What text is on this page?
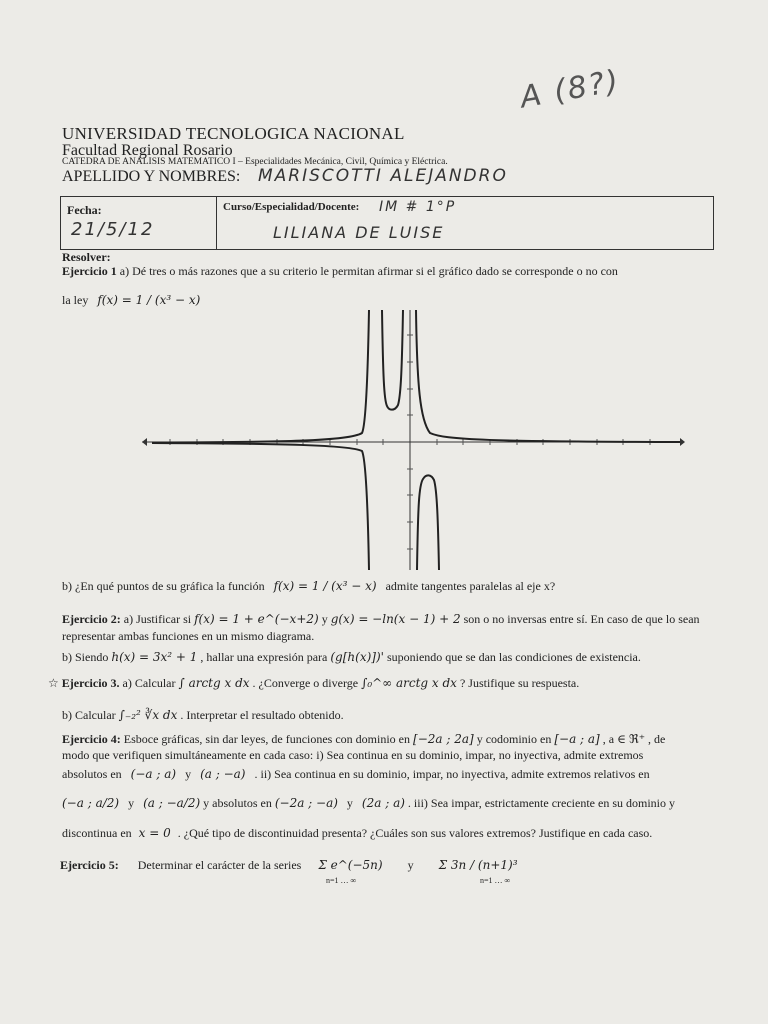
UNIVERSIDAD TECNOLOGICA NACIONAL
Facultad Regional Rosario
CATEDRA DE ANALISIS MATEMATICO I – Especialidades Mecánica, Civil, Química y Eléctrica.
APELLIDO Y NOMBRES: MARISCOTTI ALEJANDRO
A (8?)
Fecha:
21/5/12
Curso/Especialidad/Docente: IM # 1°P
LILIANA DE LUISE
Resolver:
Ejercicio 1 a) Dé tres o más razones que a su criterio le permitan afirmar si el gráfico dado se corresponde o no con
la ley f(x) = 1 / (x³ − x)
b) ¿En qué puntos de su gráfica la función f(x) = 1 / (x³ − x) admite tangentes paralelas al eje x?
Ejercicio 2: a) Justificar si f(x) = 1 + e^(−x+2) y g(x) = −ln(x − 1) + 2 son o no inversas entre sí. En caso de que lo sean
representar ambas funciones en un mismo diagrama.
b) Siendo h(x) = 3x² + 1 , hallar una expresión para (g[h(x)])' suponiendo que se dan las condiciones de existencia.
☆ Ejercicio 3. a) Calcular ∫ arctg x dx . ¿Converge o diverge ∫₀^∞ arctg x dx ? Justifique su respuesta.
b) Calcular ∫₋₂² ∛x dx . Interpretar el resultado obtenido.
Ejercicio 4: Esboce gráficas, sin dar leyes, de funciones con dominio en [−2a ; 2a] y codominio en [−a ; a] , a ∈ ℜ⁺ , de
modo que verifiquen simultáneamente en cada caso: i) Sea continua en su dominio, impar, no inyectiva, admite extremos
absolutos en (−a ; a) y (a ; −a) . ii) Sea continua en su dominio, impar, no inyectiva, admite extremos relativos en
(−a ; a/2) y (a ; −a/2) y absolutos en (−2a ; −a) y (2a ; a) . iii) Sea impar, estrictamente creciente en su dominio y
discontinua en x = 0 . ¿Qué tipo de discontinuidad presenta? ¿Cuáles son sus valores extremos? Justifique en cada caso.
Ejercicio 5: Determinar el carácter de la series Σ e^(−5n) y Σ 3n / (n+1)³
n=1 … ∞	n=1 … ∞
